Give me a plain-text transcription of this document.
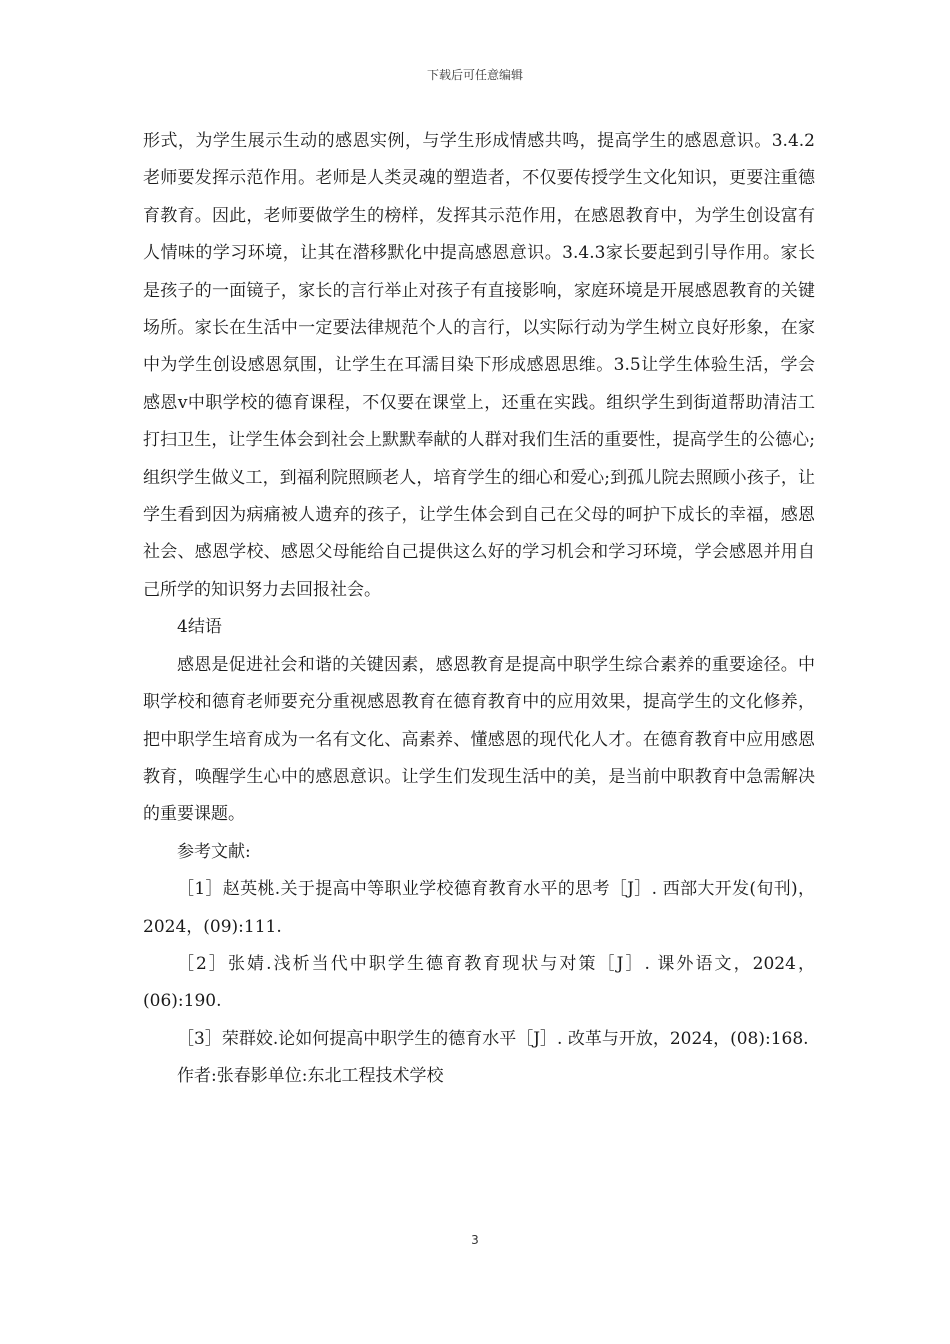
下载后可任意编辑

形式，为学生展示生动的感恩实例，与学生形成情感共鸣，提高学生的感恩意识。3.4.2老师要发挥示范作用。老师是人类灵魂的塑造者，不仅要传授学生文化知识，更要注重德育教育。因此，老师要做学生的榜样，发挥其示范作用，在感恩教育中，为学生创设富有人情味的学习环境，让其在潜移默化中提高感恩意识。3.4.3家长要起到引导作用。家长是孩子的一面镜子，家长的言行举止对孩子有直接影响，家庭环境是开展感恩教育的关键场所。家长在生活中一定要法律规范个人的言行，以实际行动为学生树立良好形象，在家中为学生创设感恩氛围，让学生在耳濡目染下形成感恩思维。3.5让学生体验生活，学会感恩v中职学校的德育课程，不仅要在课堂上，还重在实践。组织学生到街道帮助清洁工打扫卫生，让学生体会到社会上默默奉献的人群对我们生活的重要性，提高学生的公德心;组织学生做义工，到福利院照顾老人，培育学生的细心和爱心;到孤儿院去照顾小孩子，让学生看到因为病痛被人遗弃的孩子，让学生体会到自己在父母的呵护下成长的幸福，感恩社会、感恩学校、感恩父母能给自己提供这么好的学习机会和学习环境，学会感恩并用自己所学的知识努力去回报社会。

4结语

感恩是促进社会和谐的关键因素，感恩教育是提高中职学生综合素养的重要途径。中职学校和德育老师要充分重视感恩教育在德育教育中的应用效果，提高学生的文化修养，把中职学生培育成为一名有文化、高素养、懂感恩的现代化人才。在德育教育中应用感恩教育，唤醒学生心中的感恩意识。让学生们发现生活中的美，是当前中职教育中急需解决的重要课题。

参考文献:

［1］赵英桃.关于提高中等职业学校德育教育水平的思考［J］. 西部大开发(旬刊)，2024，(09):111.

［2］张婧.浅析当代中职学生德育教育现状与对策［J］. 课外语文，2024，(06):190.

［3］荣群姣.论如何提高中职学生的德育水平［J］. 改革与开放，2024，(08):168.

作者:张春影单位:东北工程技术学校

3
